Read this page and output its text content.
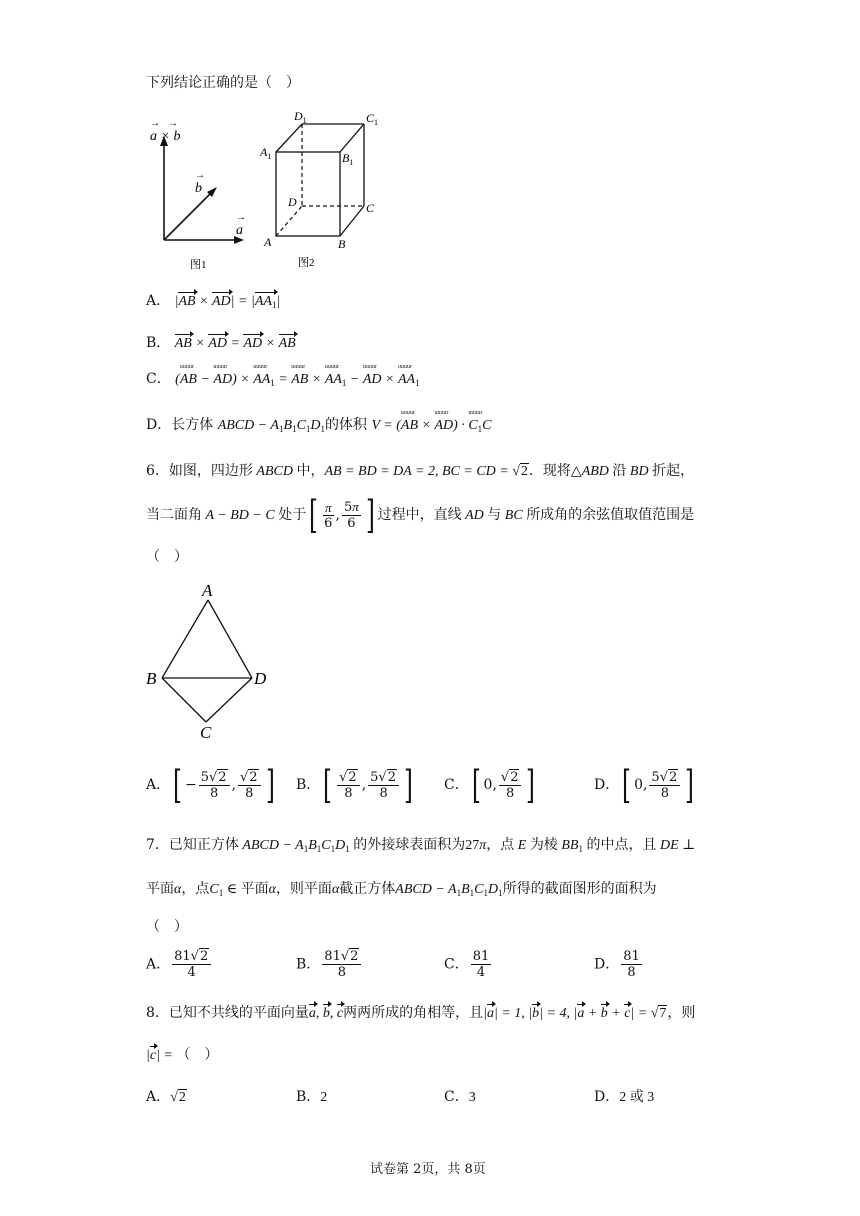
下列结论正确的是（　）
a × b
→ →
b
→
a
→
图1
$D_1$	$C_1$
$A_1$	$B_1$
D	C
A	B
图2
A． $|AB \times AD| = |AA_1|$
B． AB × AD = AD × AB
C． (uuuur AB − uuuur AD) × uuuur $AA_1$ = uuuur AB × uuuur $AA_1$ − uuuur AD × uuuur $AA_1$
D．长方体 ABCD − $A_1B_1C_1D_1$的体积 V = (uuuur AB × uuuur AD) · uuuur $C_1C$
6．如图，四边形 ABCD 中，AB = BD = DA = 2, BC = CD = √2．现将△ABD 沿 BD 折起，
当二面角 A − BD − C 处于[ $\frac{\pi}{6}$ , $\frac{5\pi}{6}$ ] 过程中，直线 AD 与 BC 所成角的余弦值取值范围是
（　）
A
B	D
C
A．[ − $\frac{5√2}{8}$ , $\frac{√2}{8}$ ] B．[ $\frac{√2}{8}$ , $\frac{5√2}{8}$ ] C．[ 0, $\frac{√2}{8}$ ]	D．[ 0, $\frac{5√2}{8}$ ]
7．已知正方体 ABCD − $A_1B_1C_1D_1$ 的外接球表面积为27π，点 E 为棱 $BB_1$ 的中点，且 DE ⊥
平面α，点$C_1$ ∈ 平面α，则平面α截正方体ABCD − $A_1B_1C_1D_1$所得的截面图形的面积为
（　）
A． $\frac{81√2}{4}$	B． $\frac{81√2}{8}$	C． $\frac{81}{4}$	D． $\frac{81}{8}$
8．已知不共线的平面向量a, b, c两两所成的角相等，且|a| = 1, |b| = 4, |a + b + c| = √7，则
|c| = （　）
A．√2	B．2	C．3	D．2 或 3
试卷第 2页，共 8页
